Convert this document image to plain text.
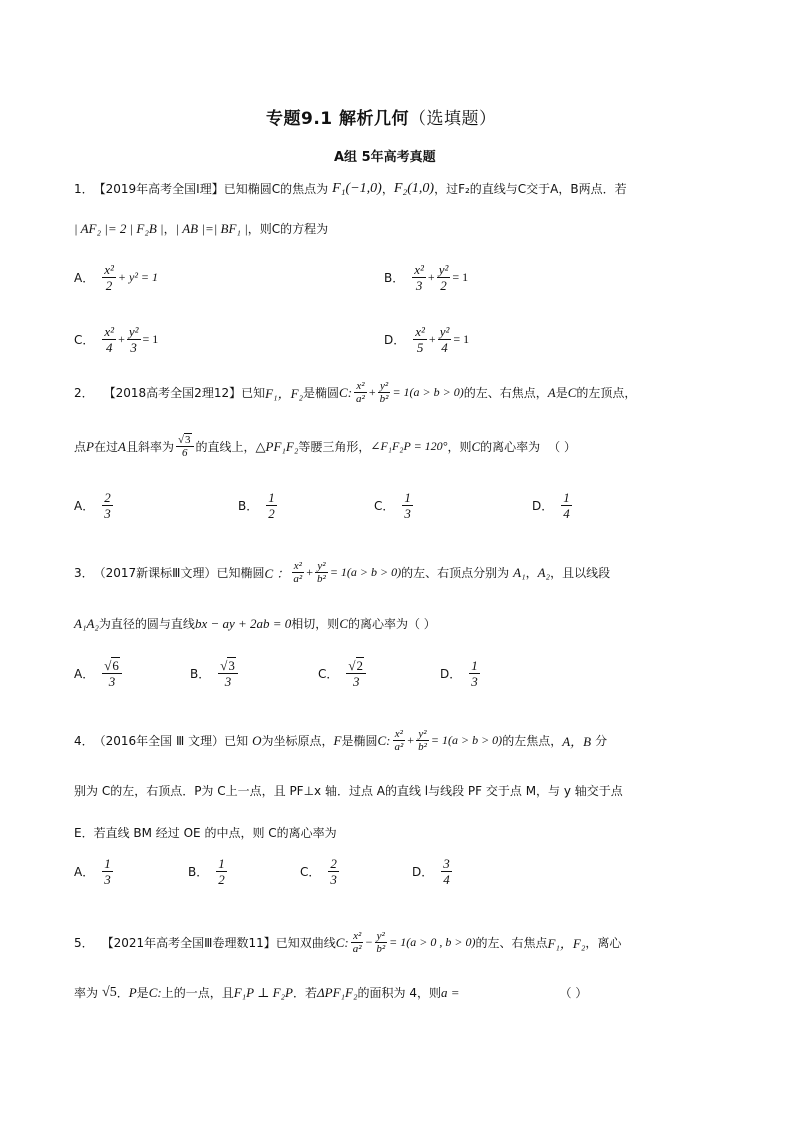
专题9.1 解析几何（选填题）
A组 5年高考真题
1． 【2019年高考全国Ⅰ理】 已知椭圆C的焦点为 F₁(−1,0) ， F₂(1,0) ，过F₂的直线与C交于A，B两点．若
| AF₂ |= 2 | F₂B | ， | AB |=| BF₁ | ，则C的方程为
A． $\frac{\text{x²}}{2} + y^2 = 1$	B． $\frac{\text{x²}}{3} + \frac{\text{y²}}{2} = 1$
C． $\frac{\text{x²}}{4} + \frac{\text{y²}}{3} = 1$	D． $\frac{\text{x²}}{5} + \frac{\text{y²}}{4} = 1$
2． 【2018高考全国2理12】 已知 F₁，F₂ 是椭圆 C: $\frac{\text{x²}}{\text{a²}} + \frac{\text{y²}}{\text{b²}} = 1(a > b > 0)$ 的左、右焦点， A 是 C 的左顶点，
点 P 在过 A 且斜率为 $\frac{√3}{6}$ 的直线上， △PF₁F₂ 等腰三角形， ∠F₁F₂P = 120° ，则 C 的离心率为 （ ）
A． $\frac{2}{3}$	B． $\frac{1}{2}$	C． $\frac{1}{3}$	D． $\frac{1}{4}$
3． （2017新课标Ⅲ文理） 已知椭圆 C ： $\frac{\text{x²}}{\text{a²}} + \frac{\text{y²}}{\text{b²}} = 1(a > b > 0)$ 的左、右顶点分别为 A₁ ， A₂ ，且以线段
A₁A₂ 为直径的圆与直线 bx − ay + 2ab = 0 相切，则 C 的离心率为（ ）
A． $\frac{√6}{3}$	B． $\frac{√3}{3}$	C． $\frac{√2}{3}$	D． $\frac{1}{3}$
4． （2016年全国 Ⅲ 文理） 已知 O 为坐标原点， F 是椭圆 C: $\frac{\text{x²}}{\text{a²}} + \frac{\text{y²}}{\text{b²}} = 1(a > b > 0)$ 的左焦点， A，B 分
别为 C的左，右顶点．P为 C上一点，且 PF⊥x 轴．过点 A的直线 l与线段 PF 交于点 M，与 y 轴交于点
E．若直线 BM 经过 OE 的中点，则 C的离心率为
A． $\frac{1}{3}$	B． $\frac{1}{2}$	C． $\frac{2}{3}$	D． $\frac{3}{4}$
5． 【2021年高考全国Ⅲ卷理数11】 已知双曲线 C: $\frac{\text{x²}}{\text{a²}} - \frac{\text{y²}}{\text{b²}} = 1(a > 0$ , b > 0) 的左、右焦点 F₁，F₂ ，离心
率为 √5 ． P 是 C: 上的一点，且 F₁P ⊥ F₂P ．若 ΔPF₁F₂ 的面积为 4，则 a =	（ ）
